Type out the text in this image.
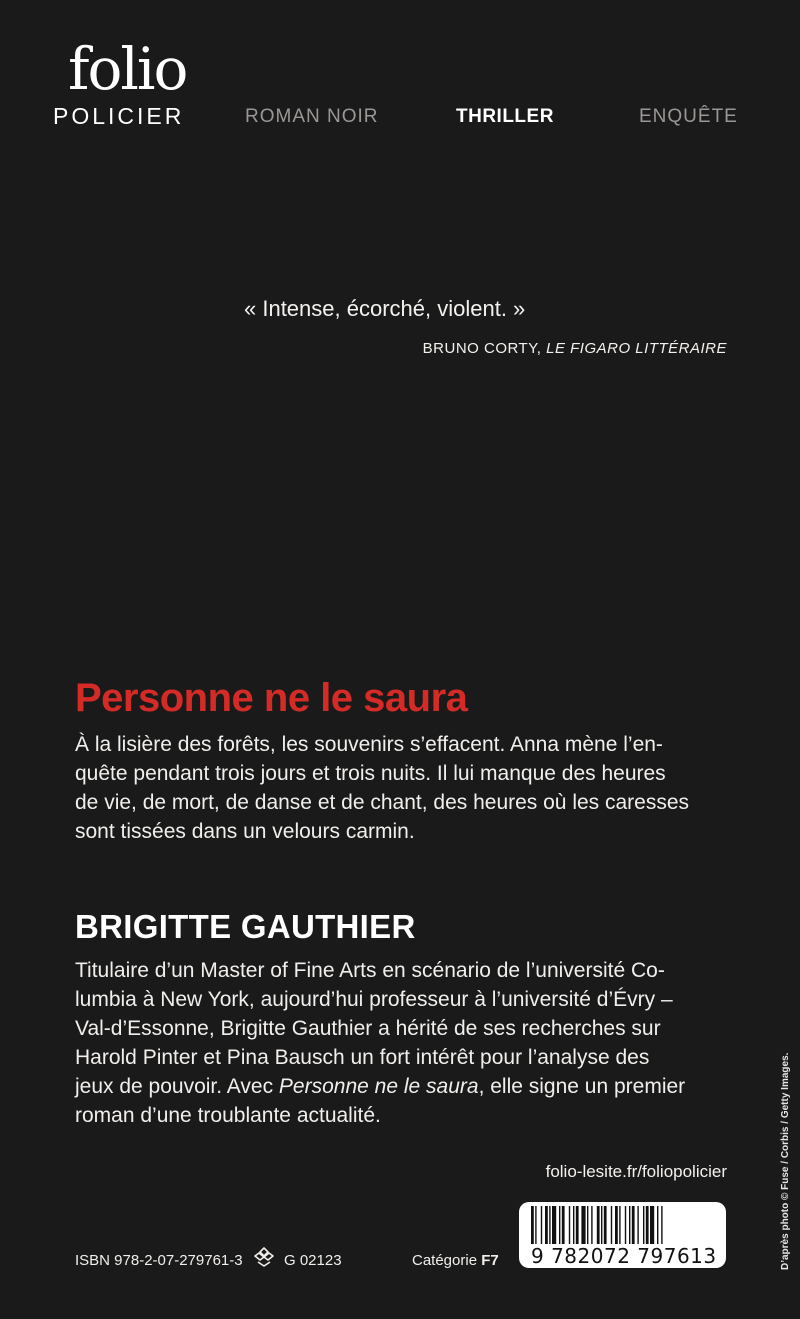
folio
POLICIER	ROMAN NOIR	THRILLER	ENQUÊTE
« Intense, écorché, violent. »
BRUNO CORTY, LE FIGARO LITTÉRAIRE
Personne ne le saura
À la lisière des forêts, les souvenirs s’effacent. Anna mène l’en-
quête pendant trois jours et trois nuits. Il lui manque des heures
de vie, de mort, de danse et de chant, des heures où les caresses
sont tissées dans un velours carmin.
BRIGITTE GAUTHIER
Titulaire d’un Master of Fine Arts en scénario de l’université Co-
lumbia à New York, aujourd’hui professeur à l’université d’Évry –
Val-d’Essonne, Brigitte Gauthier a hérité de ses recherches sur
Harold Pinter et Pina Bausch un fort intérêt pour l’analyse des
jeux de pouvoir. Avec Personne ne le saura, elle signe un premier
roman d’une troublante actualité.
folio-lesite.fr/foliopolicier
ISBN 978-2-07-279761-3	G 02123	Catégorie F7 9 782072 797613	D’après photo © Fuse / Corbis / Getty Images.
